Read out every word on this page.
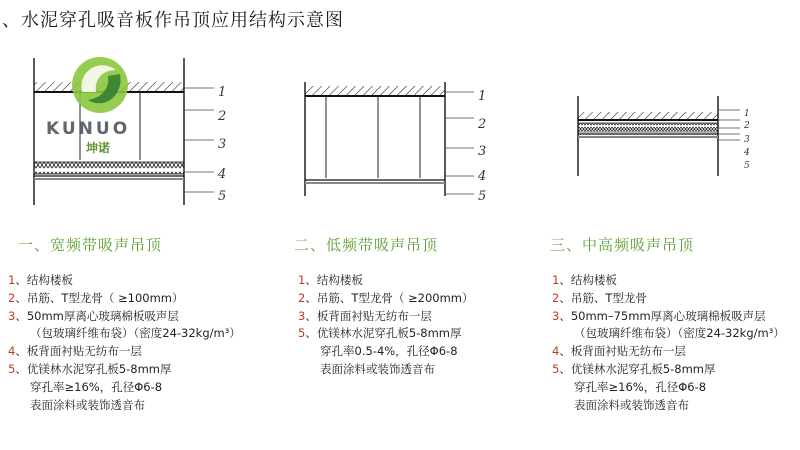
、水泥穿孔吸音板作吊顶应用结构示意图
1
2
3
4
5
KUNUO
坤诺
1
2
3
4
5
1
2
3
4
5
一、宽频带吸声吊顶	二、低频带吸声吊顶	三、中高频吸声吊顶
1、结构楼板
2、吊筋、T型龙骨（ ≥100mm）
3、50mm厚离心玻璃棉板吸声层
（包玻璃纤维布袋）（密度24-32kg/m³）
4、板背面衬贴无纺布一层
5、优镁林水泥穿孔板5-8mm厚
穿孔率≥16%，孔径Φ6-8
表面涂料或装饰透音布
1、结构楼板
2、吊筋、T型龙骨（ ≥200mm）
3、板背面衬贴无纺布一层
5、优镁林水泥穿孔板5-8mm厚
穿孔率0.5-4%，孔径Φ6-8
表面涂料或装饰透音布
1、结构楼板
2、吊筋、T型龙骨
3、50mm–75mm厚离心玻璃棉板吸声层
（包玻璃纤维布袋）（密度24-32kg/m³）
4、板背面衬贴无纺布一层
5、优镁林水泥穿孔板5-8mm厚
穿孔率≥16%，孔径Φ6-8
表面涂料或装饰透音布
